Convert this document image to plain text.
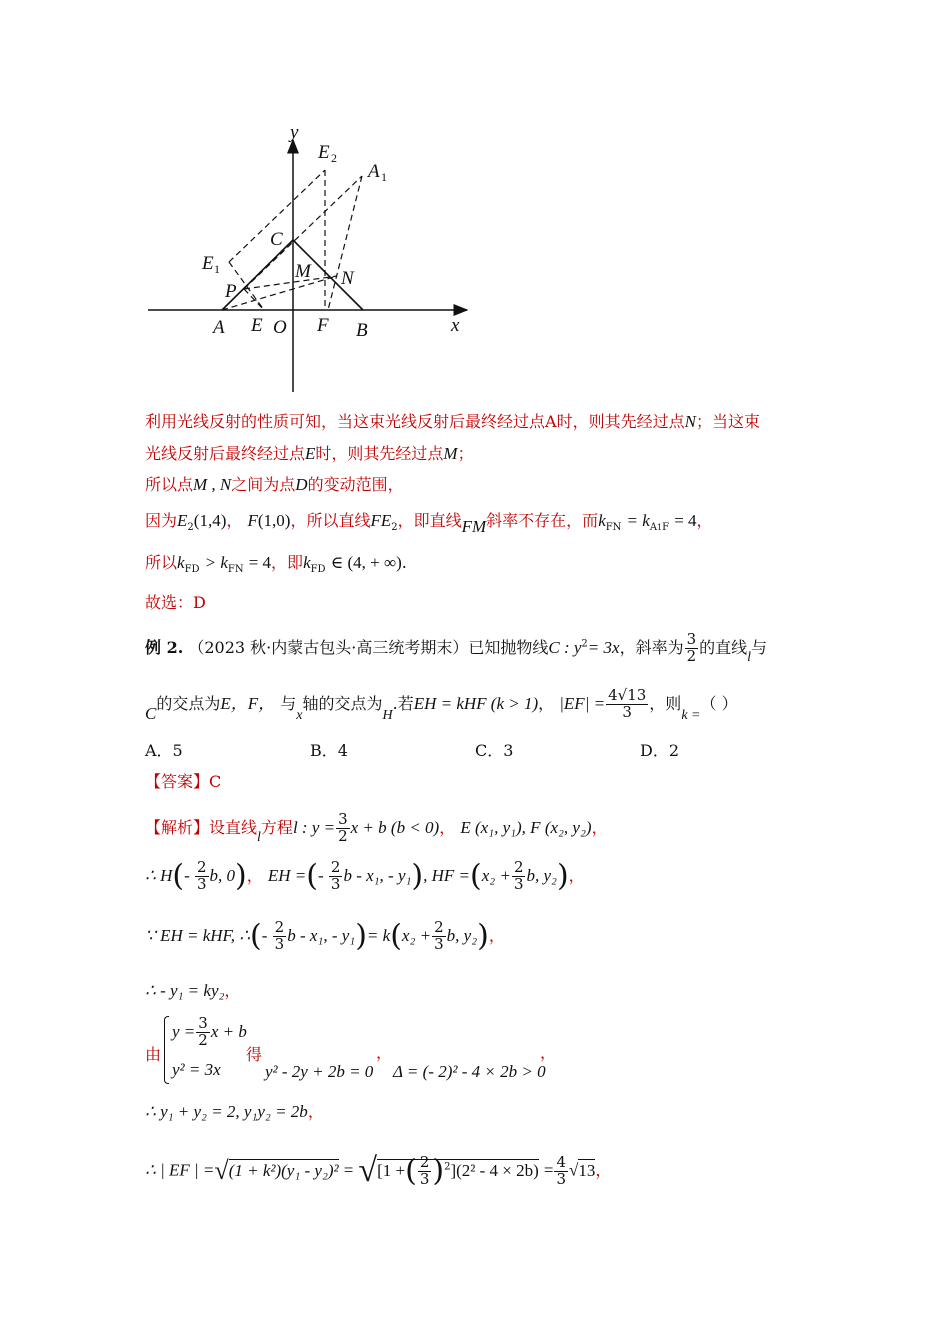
y
x
E 2
A 1
C
E 1	M N
P
A E O F B
利用光线反射的性质可知，当这束光线反射后最终经过点A时，则其先经过点N；当这束
光线反射后最终经过点E时，则其先经过点M；
所以点M , N之间为点D的变动范围，
因为$E_2(1,4)$， F(1,0)，所以直线$FE_2$，即直线FM斜率不存在，而$k_{FN} = k_{A1F} = 4$，
所以$k_{FD} > k_{FN} = 4$，即$k_{FD}$ ∈ (4, + ∞).
故选：D
例 2. （2023 秋·内蒙古包头·高三统考期末）已知抛物线C : $y^2= 3x$，斜率为 $\frac{3}{2}$ 的直线l与
C的交点为E，F， 与x轴的交点为H.若EH = kHF (k > 1)， $|EF| = \frac{4√13}{3}$ ，则k =（ ）
A．5	B．4	C．3	D．2
【答案】C
【解析】设直线l方程l : $y = \frac{3}{2}$ x + b (b < 0)， E (x₁, y₁), F (x₂, y₂)，
∴ $H(- \frac{2}{3} b$, 0)， EH =(- $\frac{2}{3}$ b - x₁, - y₁), HF $=(x_2 + \frac{2}{3} b$, y₂)，
∵ EH = kHF, ∴(- $\frac{2}{3}$ b - x₁, - $y_1)= k(x_2 + \frac{2}{3} b$, y₂)，
∴ - y₁ = ky₂，
由
$y = \frac{3}{2}$ x + b
得
y² = 3x	y² - 2y + 2b = 0
，
Δ = (- 2)² - 4 × 2b > 0
，
∴ y₁ + y₂ = 2, y₁y₂ = 2b，
∴ | EF | =√(1 + k²)(y₁ - y₂)² = √[1 +( $\frac{2}{3} )^2](2^2 - 4 \times 2b) = \frac{4}{3} √13$，
